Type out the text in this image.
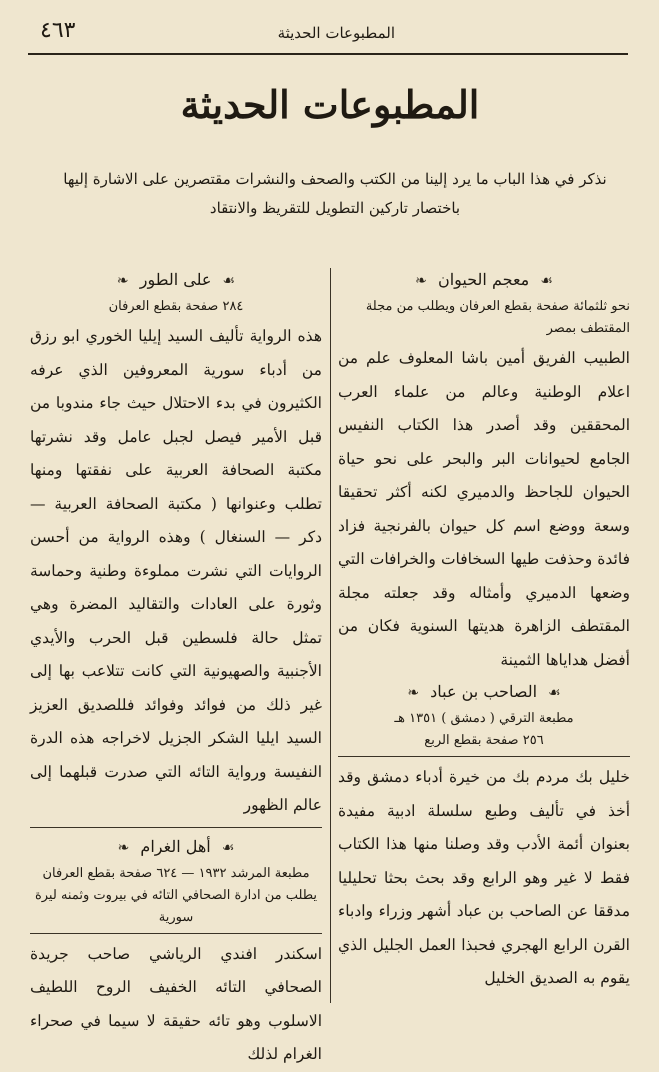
٤٦٣	المطبوعات الحديثة
المطبوعات الحديثة
نذكر في هذا الباب ما يرد إلينا من الكتب والصحف والنشرات مقتصرين على الاشارة إليها
باختصار تاركين التطويل للتقريظ والانتقاد
☙ معجم الحيوان ❧
نحو ثلثمائة صفحة بقطع العرفان ويطلب من مجلة
المقتطف بمصر

الطبيب الفريق أمين باشا المعلوف علم من اعلام الوطنية وعالم من علماء العرب المحققين وقد أصدر هذا الكتاب النفيس الجامع لحيوانات البر والبحر على نحو حياة الحيوان للجاحظ والدميري لكنه أكثر تحقيقا وسعة ووضع اسم كل حيوان بالفرنجية فزاد فائدة وحذفت طيها السخافات والخرافات التي وضعها الدميري وأمثاله وقد جعلته مجلة المقتطف الزاهرة هديتها السنوية فكان من أفضل هداياها الثمينة

☙ الصاحب بن عباد ❧
مطبعة الترقي ( دمشق ) ١٣٥١ هـ
٢٥٦ صفحة بقطع الربع

خليل بك مردم بك من خيرة أدباء دمشق وقد أخذ في تأليف وطبع سلسلة ادبية مفيدة بعنوان أئمة الأدب وقد وصلنا منها هذا الكتاب فقط لا غير وهو الرابع وقد بحث بحثا تحليليا مدققا عن الصاحب بن عباد أشهر وزراء وادباء القرن الرابع الهجري فحبذا العمل الجليل الذي يقوم به الصديق الخليل

☙ على الطور ❧
٢٨٤ صفحة بقطع العرفان

هذه الرواية تأليف السيد إيليا الخوري ابو رزق من أدباء سورية المعروفين الذي عرفه الكثيرون في بدء الاحتلال حيث جاء مندوبا من قبل الأمير فيصل لجبل عامل وقد نشرتها مكتبة الصحافة العربية على نفقتها ومنها تطلب وعنوانها ( مكتبة الصحافة العربية — دكر — السنغال ) وهذه الرواية من أحسن الروايات التي نشرت مملوءة وطنية وحماسة وثورة على العادات والتقاليد المضرة وهي تمثل حالة فلسطين قبل الحرب والأيدي الأجنبية والصهيونية التي كانت تتلاعب بها إلى غير ذلك من فوائد وفوائد فللصديق العزيز السيد ايليا الشكر الجزيل لاخراجه هذه الدرة النفيسة ورواية التائه التي صدرت قبلهما إلى عالم الظهور

☙ أهل الغرام ❧
مطبعة المرشد ١٩٣٢ — ٦٢٤ صفحة بقطع العرفان
يطلب من ادارة الصحافي التائه في بيروت وثمنه ليرة سورية

اسكندر افندي الرياشي صاحب جريدة الصحافي التائه الخفيف الروح اللطيف الاسلوب وهو تائه حقيقة لا سيما في صحراء الغرام لذلك
